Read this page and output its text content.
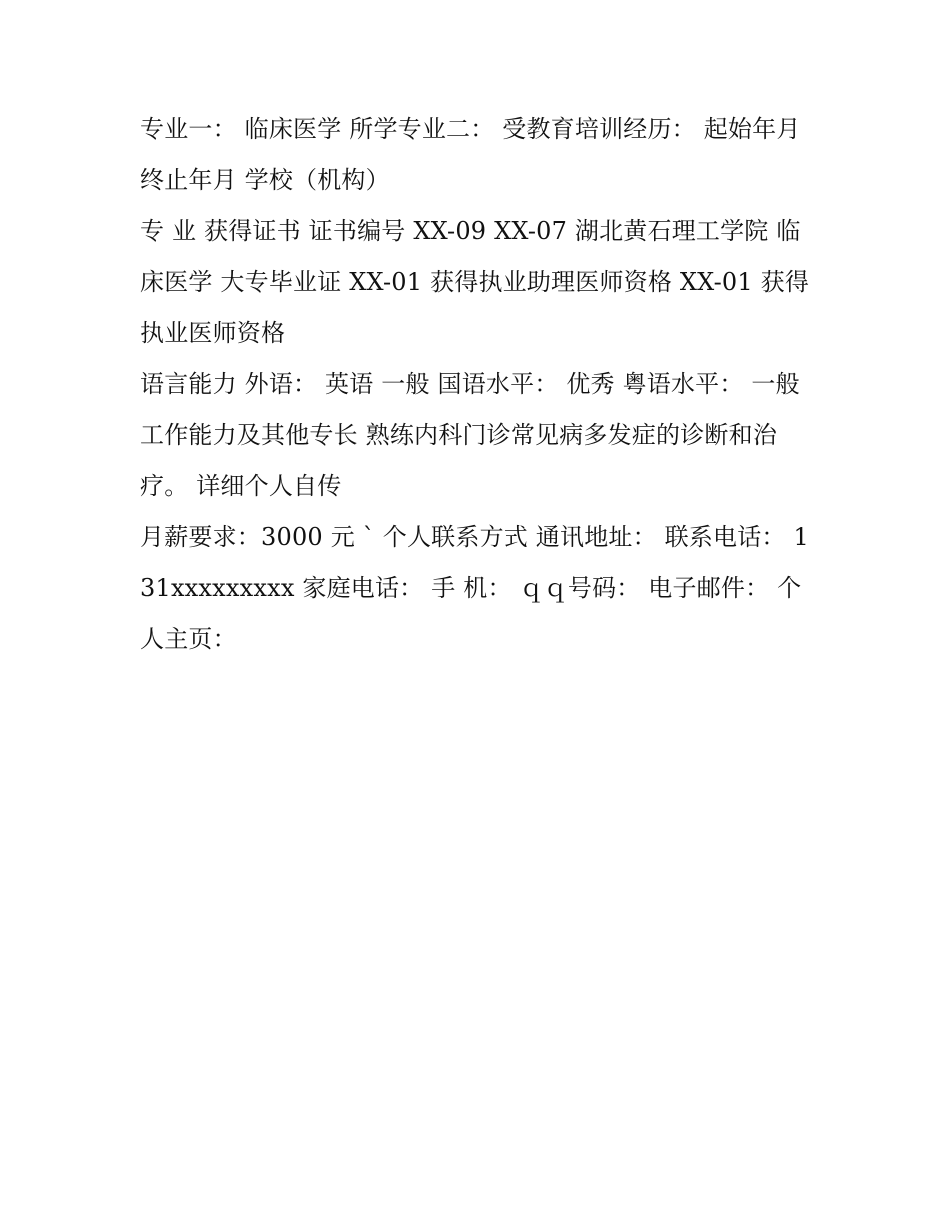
专业一： 临床医学 所学专业二： 受教育培训经历： 起始年月 终止年月 学校（机构）

专 业 获得证书 证书编号 XX-09 XX-07 湖北黄石理工学院 临床医学 大专毕业证 XX-01 获得执业助理医师资格 XX-01 获得执业医师资格

语言能力 外语： 英语 一般 国语水平： 优秀 粤语水平： 一般 工作能力及其他专长 熟练内科门诊常见病多发症的诊断和治疗。 详细个人自传

月薪要求：3000 元 ` 个人联系方式 通讯地址： 联系电话： 131xxxxxxxxx 家庭电话： 手 机： ｑｑ号码： 电子邮件： 个人主页：
